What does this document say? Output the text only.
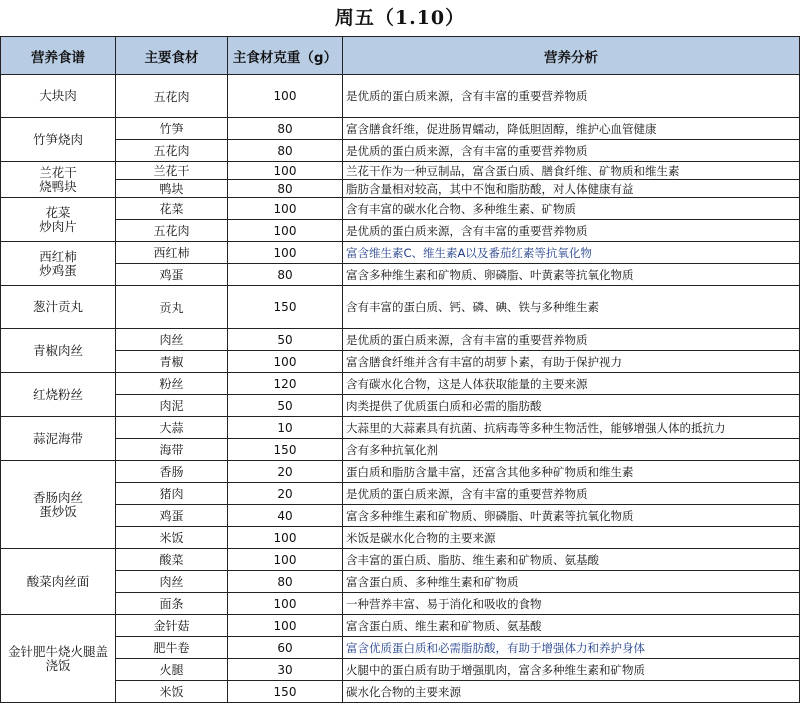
周五（1.10）
营养食谱	主要食材	主食材克重（g）	营养分析

大块肉	五花肉	100	是优质的蛋白质来源，含有丰富的重要营养物质

竹笋烧肉	竹笋	80	富含膳食纤维，促进肠胃蠕动，降低胆固醇，维护心血管健康
	五花肉	80	是优质的蛋白质来源，含有丰富的重要营养物质

兰花干
烧鸭块	兰花干	100	兰花干作为一种豆制品，富含蛋白质、膳食纤维、矿物质和维生素
	鸭块	80	脂肪含量相对较高，其中不饱和脂肪酸，对人体健康有益

花菜
炒肉片	花菜	100	含有丰富的碳水化合物、多种维生素、矿物质
	五花肉	100	是优质的蛋白质来源，含有丰富的重要营养物质

西红柿
炒鸡蛋	西红柿	100	富含维生素C、维生素A以及番茄红素等抗氧化物
	鸡蛋	80	富含多种维生素和矿物质、卵磷脂、叶黄素等抗氧化物质

葱汁贡丸	贡丸	150	含有丰富的蛋白质、钙、磷、碘、铁与多种维生素

青椒肉丝	肉丝	50	是优质的蛋白质来源，含有丰富的重要营养物质
	青椒	100	富含膳食纤维并含有丰富的胡萝卜素，有助于保护视力

红烧粉丝	粉丝	120	含有碳水化合物，这是人体获取能量的主要来源
	肉泥	50	肉类提供了优质蛋白质和必需的脂肪酸

蒜泥海带	大蒜	10	大蒜里的大蒜素具有抗菌、抗病毒等多种生物活性，能够增强人体的抵抗力
	海带	150	含有多种抗氧化剂

香肠肉丝
蛋炒饭	香肠	20	蛋白质和脂肪含量丰富，还富含其他多种矿物质和维生素
	猪肉	20	是优质的蛋白质来源，含有丰富的重要营养物质
	鸡蛋	40	富含多种维生素和矿物质、卵磷脂、叶黄素等抗氧化物质
	米饭	100	米饭是碳水化合物的主要来源

酸菜肉丝面	酸菜	100	含丰富的蛋白质、脂肪、维生素和矿物质、氨基酸
	肉丝	80	富含蛋白质、多种维生素和矿物质
	面条	100	一种营养丰富、易于消化和吸收的食物

金针肥牛烧火腿盖
浇饭	金针菇	100	富含蛋白质、维生素和矿物质、氨基酸
	肥牛卷	60	富含优质蛋白质和必需脂肪酸，有助于增强体力和养护身体
	火腿	30	火腿中的蛋白质有助于增强肌肉，富含多种维生素和矿物质
	米饭	150	碳水化合物的主要来源
